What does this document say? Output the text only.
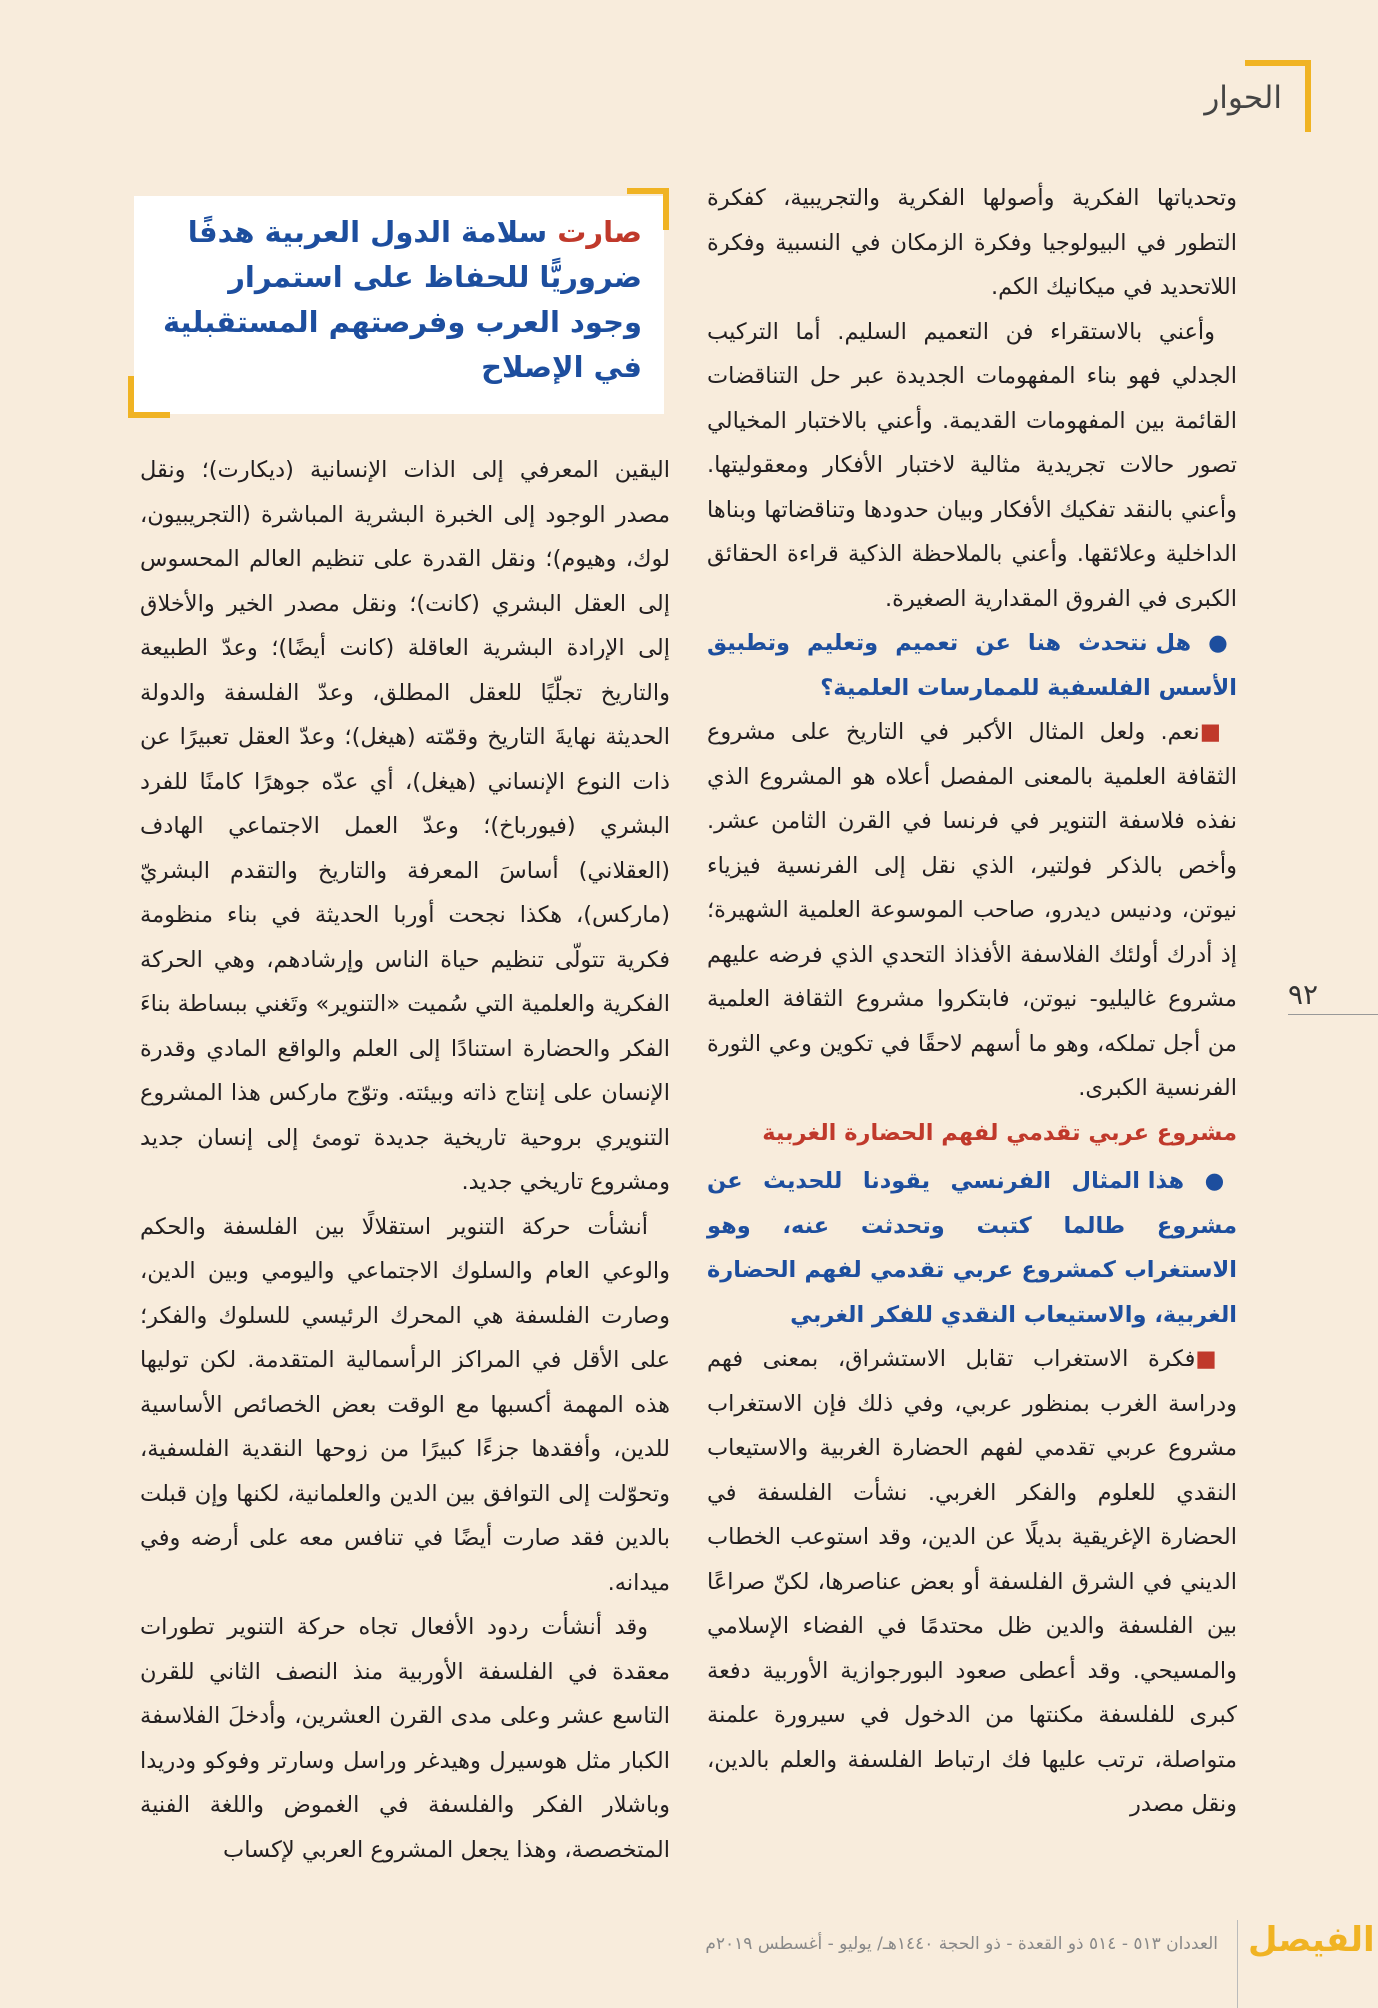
الحوار
٩٢

وتحدياتها الفكرية وأصولها الفكرية والتجريبية، كفكرة التطور في البيولوجيا وفكرة الزمكان في النسبية وفكرة اللاتحديد في ميكانيك الكم.

وأعني بالاستقراء فن التعميم السليم. أما التركيب الجدلي فهو بناء المفهومات الجديدة عبر حل التناقضات القائمة بين المفهومات القديمة. وأعني بالاختبار المخيالي تصور حالات تجريدية مثالية لاختبار الأفكار ومعقوليتها. وأعني بالنقد تفكيك الأفكار وبيان حدودها وتناقضاتها وبناها الداخلية وعلائقها. وأعني بالملاحظة الذكية قراءة الحقائق الكبرى في الفروق المقدارية الصغيرة.

● هل نتحدث هنا عن تعميم وتعليم وتطبيق الأسس الفلسفية للممارسات العلمية؟

■نعم. ولعل المثال الأكبر في التاريخ على مشروع الثقافة العلمية بالمعنى المفصل أعلاه هو المشروع الذي نفذه فلاسفة التنوير في فرنسا في القرن الثامن عشر. وأخص بالذكر فولتير، الذي نقل إلى الفرنسية فيزياء نيوتن، ودنيس ديدرو، صاحب الموسوعة العلمية الشهيرة؛ إذ أدرك أولئك الفلاسفة الأفذاذ التحدي الذي فرضه عليهم مشروع غاليليو- نيوتن، فابتكروا مشروع الثقافة العلمية من أجل تملكه، وهو ما أسهم لاحقًا في تكوين وعي الثورة الفرنسية الكبرى.

مشروع عربي تقدمي لفهم الحضارة الغربية

● هذا المثال الفرنسي يقودنا للحديث عن مشروع طالما كتبت وتحدثت عنه، وهو الاستغراب كمشروع عربي تقدمي لفهم الحضارة الغربية، والاستيعاب النقدي للفكر الغربي

■فكرة الاستغراب تقابل الاستشراق، بمعنى فهم ودراسة الغرب بمنظور عربي، وفي ذلك فإن الاستغراب مشروع عربي تقدمي لفهم الحضارة الغربية والاستيعاب النقدي للعلوم والفكر الغربي. نشأت الفلسفة في الحضارة الإغريقية بديلًا عن الدين، وقد استوعب الخطاب الديني في الشرق الفلسفة أو بعض عناصرها، لكنّ صراعًا بين الفلسفة والدين ظل محتدمًا في الفضاء الإسلامي والمسيحي. وقد أعطى صعود البورجوازية الأوربية دفعة كبرى للفلسفة مكنتها من الدخول في سيرورة علمنة متواصلة، ترتب عليها فك ارتباط الفلسفة والعلم بالدين، ونقل مصدر

صارت سلامة الدول العربية هدفًا ضروريًّا للحفاظ على استمرار وجود العرب وفرصتهم المستقبلية في الإصلاح

اليقين المعرفي إلى الذات الإنسانية (ديكارت)؛ ونقل مصدر الوجود إلى الخبرة البشرية المباشرة (التجريبيون، لوك، وهيوم)؛ ونقل القدرة على تنظيم العالم المحسوس إلى العقل البشري (كانت)؛ ونقل مصدر الخير والأخلاق إلى الإرادة البشرية العاقلة (كانت أيضًا)؛ وعدّ الطبيعة والتاريخ تجلّيًا للعقل المطلق، وعدّ الفلسفة والدولة الحديثة نهايةَ التاريخ وقمّته (هيغل)؛ وعدّ العقل تعبيرًا عن ذات النوع الإنساني (هيغل)، أي عدّه جوهرًا كامنًا للفرد البشري (فيورباخ)؛ وعدّ العمل الاجتماعي الهادف (العقلاني) أساسَ المعرفة والتاريخ والتقدم البشريّ (ماركس)، هكذا نجحت أوربا الحديثة في بناء منظومة فكرية تتولّى تنظيم حياة الناس وإرشادهم، وهي الحركة الفكرية والعلمية التي سُميت «التنوير» وتَغني ببساطة بناءَ الفكر والحضارة استنادًا إلى العلم والواقع المادي وقدرة الإنسان على إنتاج ذاته وبيئته. وتوّج ماركس هذا المشروع التنويري بروحية تاريخية جديدة تومئ إلى إنسان جديد ومشروع تاريخي جديد.

أنشأت حركة التنوير استقلالًا بين الفلسفة والحكم والوعي العام والسلوك الاجتماعي واليومي وبين الدين، وصارت الفلسفة هي المحرك الرئيسي للسلوك والفكر؛ على الأقل في المراكز الرأسمالية المتقدمة. لكن توليها هذه المهمة أكسبها مع الوقت بعض الخصائص الأساسية للدين، وأفقدها جزءًا كبيرًا من زوحها النقدية الفلسفية، وتحوّلت إلى التوافق بين الدين والعلمانية، لكنها وإن قبلت بالدين فقد صارت أيضًا في تنافس معه على أرضه وفي ميدانه.

وقد أنشأت ردود الأفعال تجاه حركة التنوير تطورات معقدة في الفلسفة الأوربية منذ النصف الثاني للقرن التاسع عشر وعلى مدى القرن العشرين، وأدخلَ الفلاسفة الكبار مثل هوسيرل وهيدغر وراسل وسارتر وفوكو ودريدا وباشلار الفكر والفلسفة في الغموض واللغة الفنية المتخصصة، وهذا يجعل المشروع العربي لإكساب

الفيصل
العددان ٥١٣ - ٥١٤ ذو القعدة - ذو الحجة ١٤٤٠هـ/ يوليو - أغسطس ٢٠١٩م
